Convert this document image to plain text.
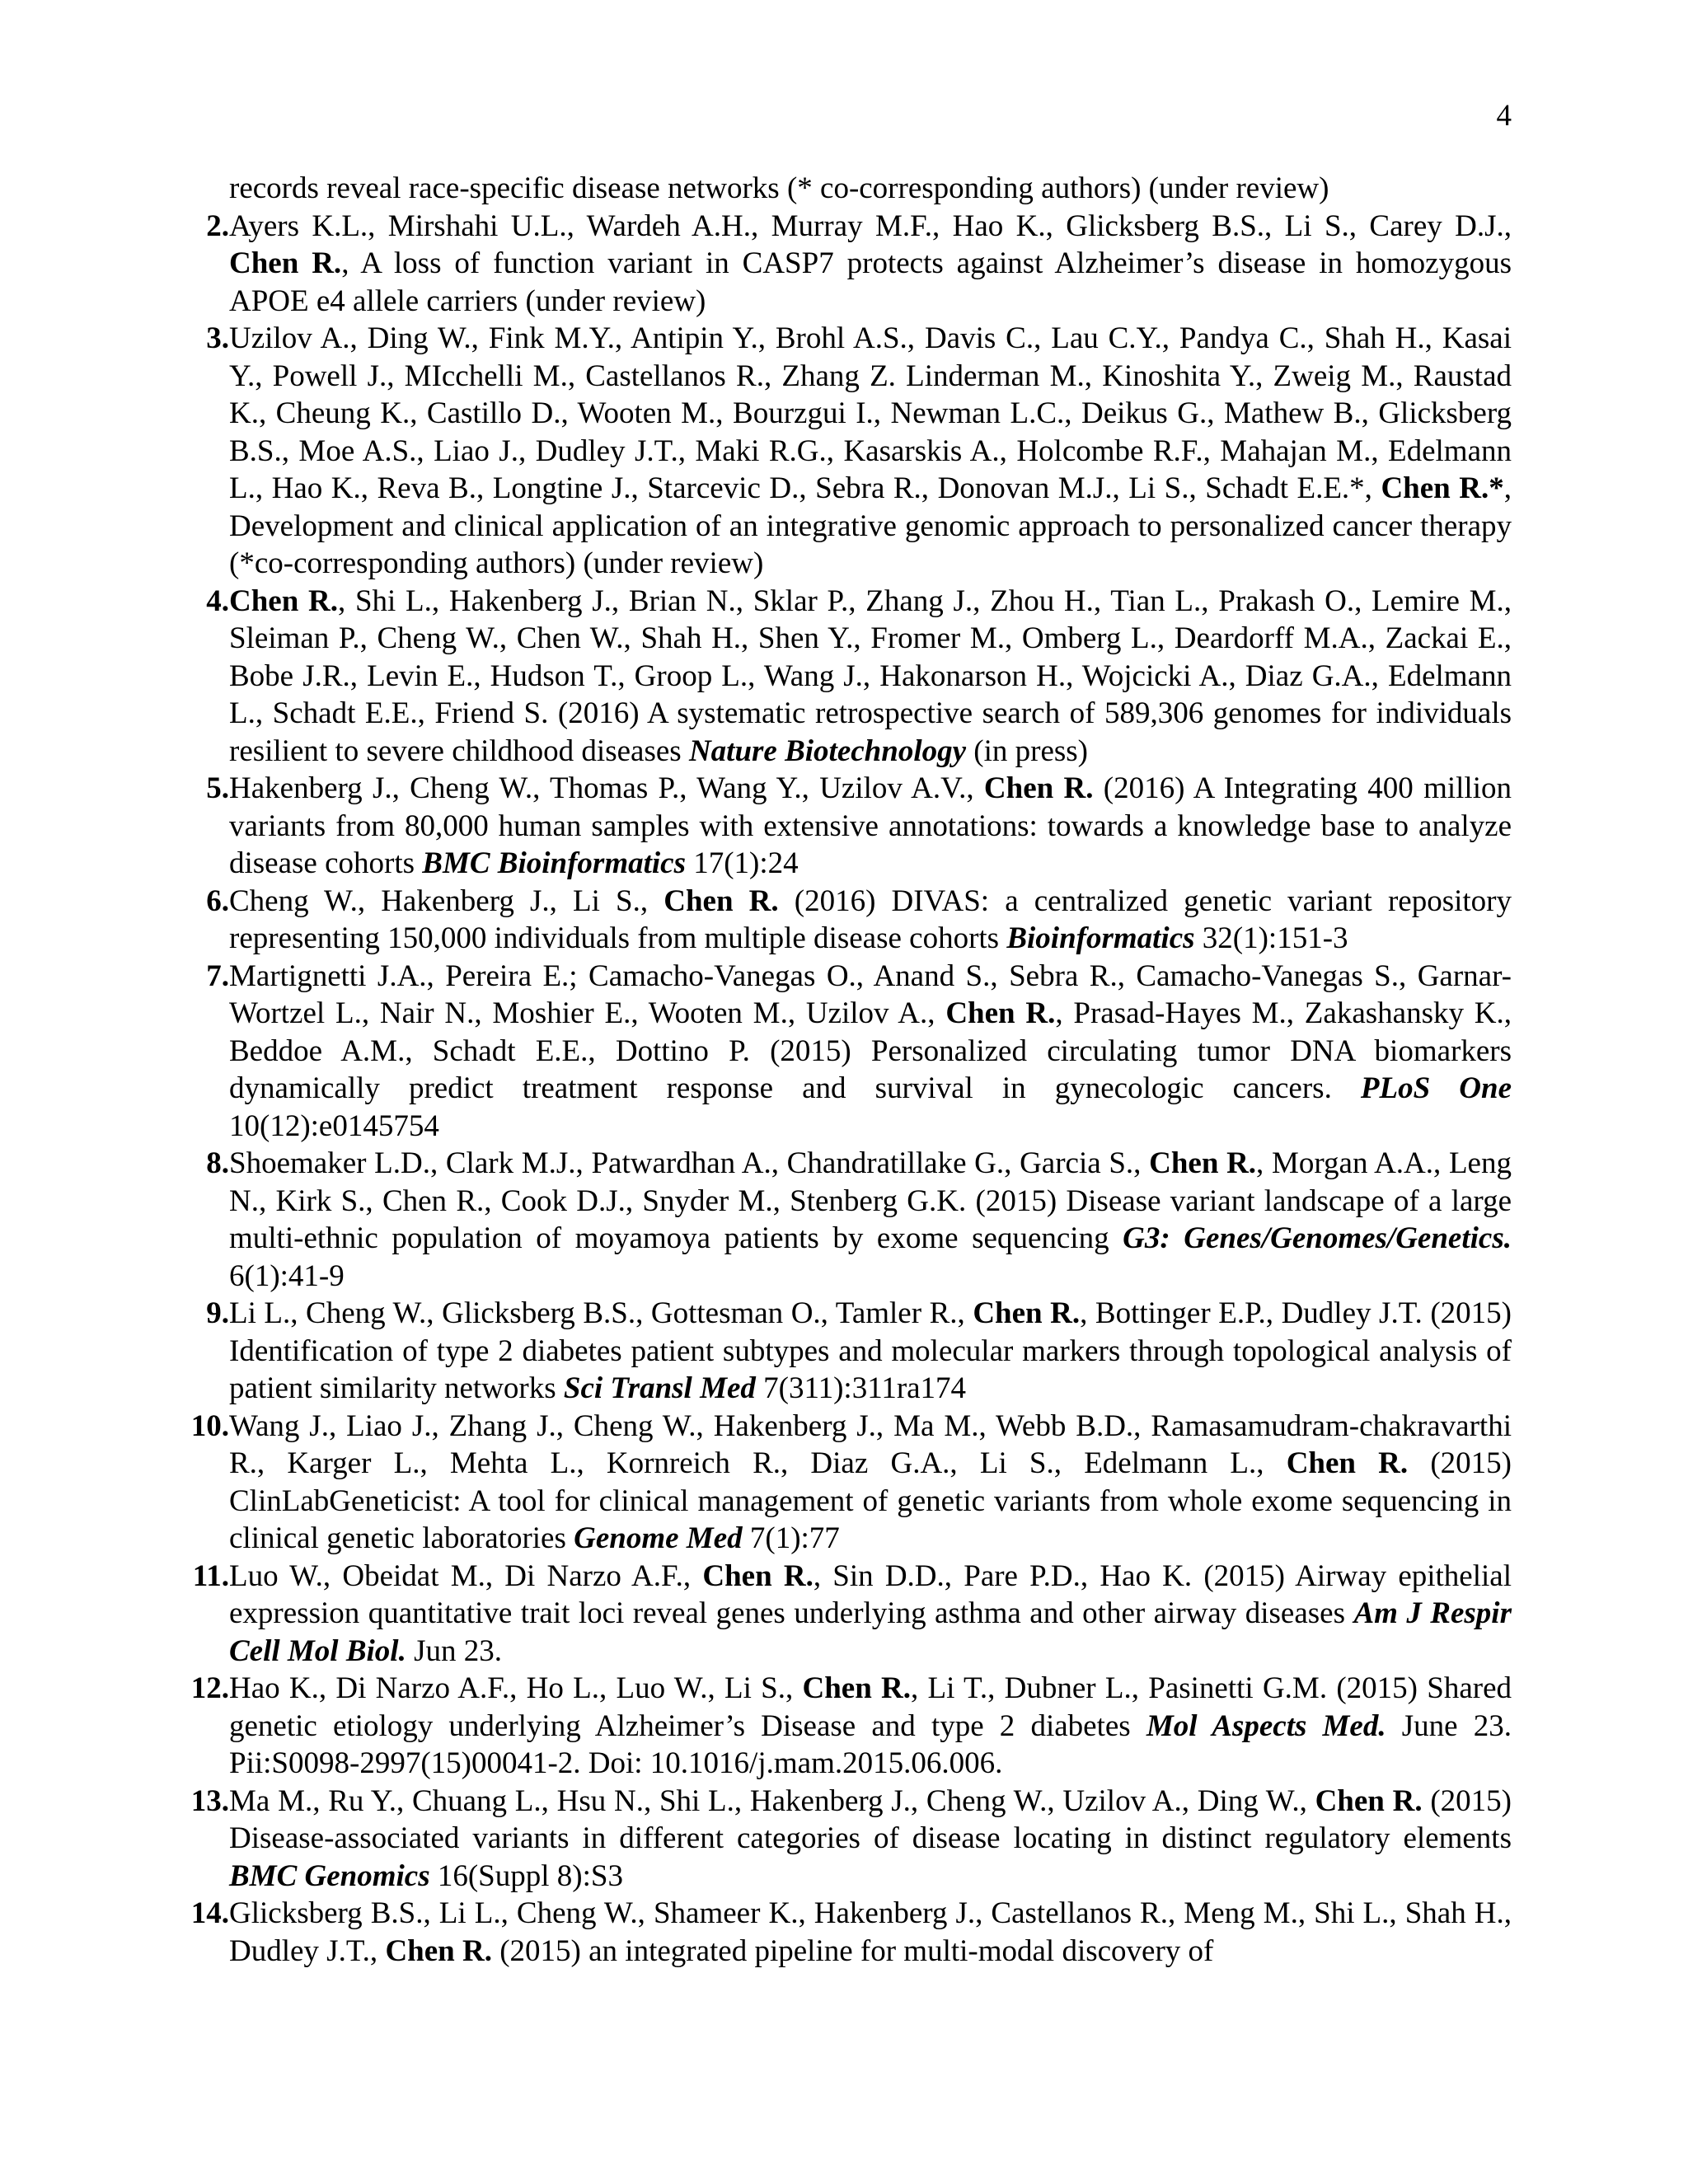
4
records reveal race-specific disease networks (* co-corresponding authors) (under review)
2. Ayers K.L., Mirshahi U.L., Wardeh A.H., Murray M.F., Hao K., Glicksberg B.S., Li S., Carey D.J., Chen R., A loss of function variant in CASP7 protects against Alzheimer’s disease in homozygous APOE e4 allele carriers (under review)
3. Uzilov A., Ding W., Fink M.Y., Antipin Y., Brohl A.S., Davis C., Lau C.Y., Pandya C., Shah H., Kasai Y., Powell J., MIcchelli M., Castellanos R., Zhang Z. Linderman M., Kinoshita Y., Zweig M., Raustad K., Cheung K., Castillo D., Wooten M., Bourzgui I., Newman L.C., Deikus G., Mathew B., Glicksberg B.S., Moe A.S., Liao J., Dudley J.T., Maki R.G., Kasarskis A., Holcombe R.F., Mahajan M., Edelmann L., Hao K., Reva B., Longtine J., Starcevic D., Sebra R., Donovan M.J., Li S., Schadt E.E.*, Chen R.*, Development and clinical application of an integrative genomic approach to personalized cancer therapy (*co-corresponding authors) (under review)
4. Chen R., Shi L., Hakenberg J., Brian N., Sklar P., Zhang J., Zhou H., Tian L., Prakash O., Lemire M., Sleiman P., Cheng W., Chen W., Shah H., Shen Y., Fromer M., Omberg L., Deardorff M.A., Zackai E., Bobe J.R., Levin E., Hudson T., Groop L., Wang J., Hakonarson H., Wojcicki A., Diaz G.A., Edelmann L., Schadt E.E., Friend S. (2016) A systematic retrospective search of 589,306 genomes for individuals resilient to severe childhood diseases Nature Biotechnology (in press)
5. Hakenberg J., Cheng W., Thomas P., Wang Y., Uzilov A.V., Chen R. (2016) A Integrating 400 million variants from 80,000 human samples with extensive annotations: towards a knowledge base to analyze disease cohorts BMC Bioinformatics 17(1):24
6. Cheng W., Hakenberg J., Li S., Chen R. (2016) DIVAS: a centralized genetic variant repository representing 150,000 individuals from multiple disease cohorts Bioinformatics 32(1):151-3
7. Martignetti J.A., Pereira E.; Camacho-Vanegas O., Anand S., Sebra R., Camacho-Vanegas S., Garnar-Wortzel L., Nair N., Moshier E., Wooten M., Uzilov A., Chen R., Prasad-Hayes M., Zakashansky K., Beddoe A.M., Schadt E.E., Dottino P. (2015) Personalized circulating tumor DNA biomarkers dynamically predict treatment response and survival in gynecologic cancers. PLoS One 10(12):e0145754
8. Shoemaker L.D., Clark M.J., Patwardhan A., Chandratillake G., Garcia S., Chen R., Morgan A.A., Leng N., Kirk S., Chen R., Cook D.J., Snyder M., Stenberg G.K. (2015) Disease variant landscape of a large multi-ethnic population of moyamoya patients by exome sequencing G3: Genes/Genomes/Genetics. 6(1):41-9
9. Li L., Cheng W., Glicksberg B.S., Gottesman O., Tamler R., Chen R., Bottinger E.P., Dudley J.T. (2015) Identification of type 2 diabetes patient subtypes and molecular markers through topological analysis of patient similarity networks Sci Transl Med 7(311):311ra174
10. Wang J., Liao J., Zhang J., Cheng W., Hakenberg J., Ma M., Webb B.D., Ramasamudram-chakravarthi R., Karger L., Mehta L., Kornreich R., Diaz G.A., Li S., Edelmann L., Chen R. (2015) ClinLabGeneticist: A tool for clinical management of genetic variants from whole exome sequencing in clinical genetic laboratories Genome Med 7(1):77
11. Luo W., Obeidat M., Di Narzo A.F., Chen R., Sin D.D., Pare P.D., Hao K. (2015) Airway epithelial expression quantitative trait loci reveal genes underlying asthma and other airway diseases Am J Respir Cell Mol Biol. Jun 23.
12. Hao K., Di Narzo A.F., Ho L., Luo W., Li S., Chen R., Li T., Dubner L., Pasinetti G.M. (2015) Shared genetic etiology underlying Alzheimer’s Disease and type 2 diabetes Mol Aspects Med. June 23. Pii:S0098-2997(15)00041-2. Doi: 10.1016/j.mam.2015.06.006.
13. Ma M., Ru Y., Chuang L., Hsu N., Shi L., Hakenberg J., Cheng W., Uzilov A., Ding W., Chen R. (2015) Disease-associated variants in different categories of disease locating in distinct regulatory elements BMC Genomics 16(Suppl 8):S3
14. Glicksberg B.S., Li L., Cheng W., Shameer K., Hakenberg J., Castellanos R., Meng M., Shi L., Shah H., Dudley J.T., Chen R. (2015) an integrated pipeline for multi-modal discovery of
